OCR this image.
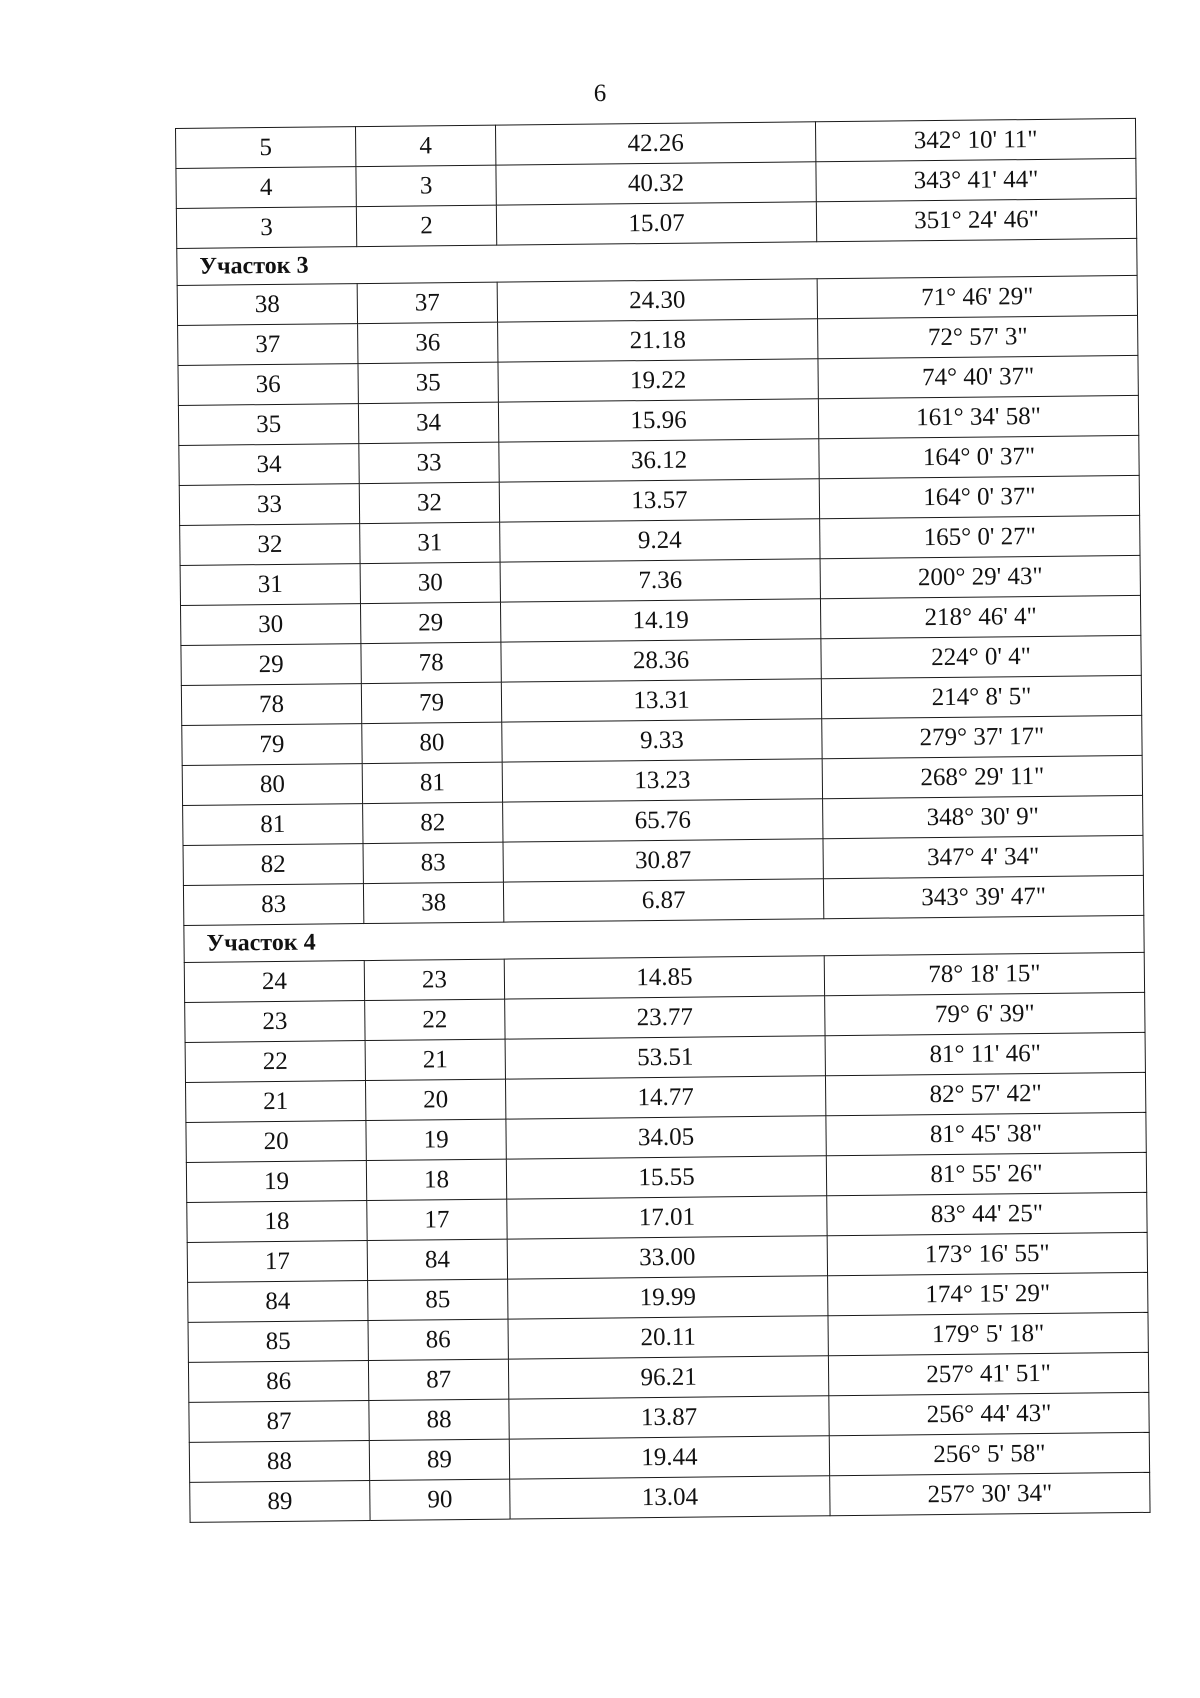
6
5	4	42.26	342° 10' 11"
4	3	40.32	343° 41' 44"
3	2	15.07	351° 24' 46"
Участок 3			
38	37	24.30	71° 46' 29"
37	36	21.18	72° 57' 3"
36	35	19.22	74° 40' 37"
35	34	15.96	161° 34' 58"
34	33	36.12	164° 0' 37"
33	32	13.57	164° 0' 37"
32	31	9.24	165° 0' 27"
31	30	7.36	200° 29' 43"
30	29	14.19	218° 46' 4"
29	78	28.36	224° 0' 4"
78	79	13.31	214° 8' 5"
79	80	9.33	279° 37' 17"
80	81	13.23	268° 29' 11"
81	82	65.76	348° 30' 9"
82	83	30.87	347° 4' 34"
83	38	6.87	343° 39' 47"
Участок 4			
24	23	14.85	78° 18' 15"
23	22	23.77	79° 6' 39"
22	21	53.51	81° 11' 46"
21	20	14.77	82° 57' 42"
20	19	34.05	81° 45' 38"
19	18	15.55	81° 55' 26"
18	17	17.01	83° 44' 25"
17	84	33.00	173° 16' 55"
84	85	19.99	174° 15' 29"
85	86	20.11	179° 5' 18"
86	87	96.21	257° 41' 51"
87	88	13.87	256° 44' 43"
88	89	19.44	256° 5' 58"
89	90	13.04	257° 30' 34"
